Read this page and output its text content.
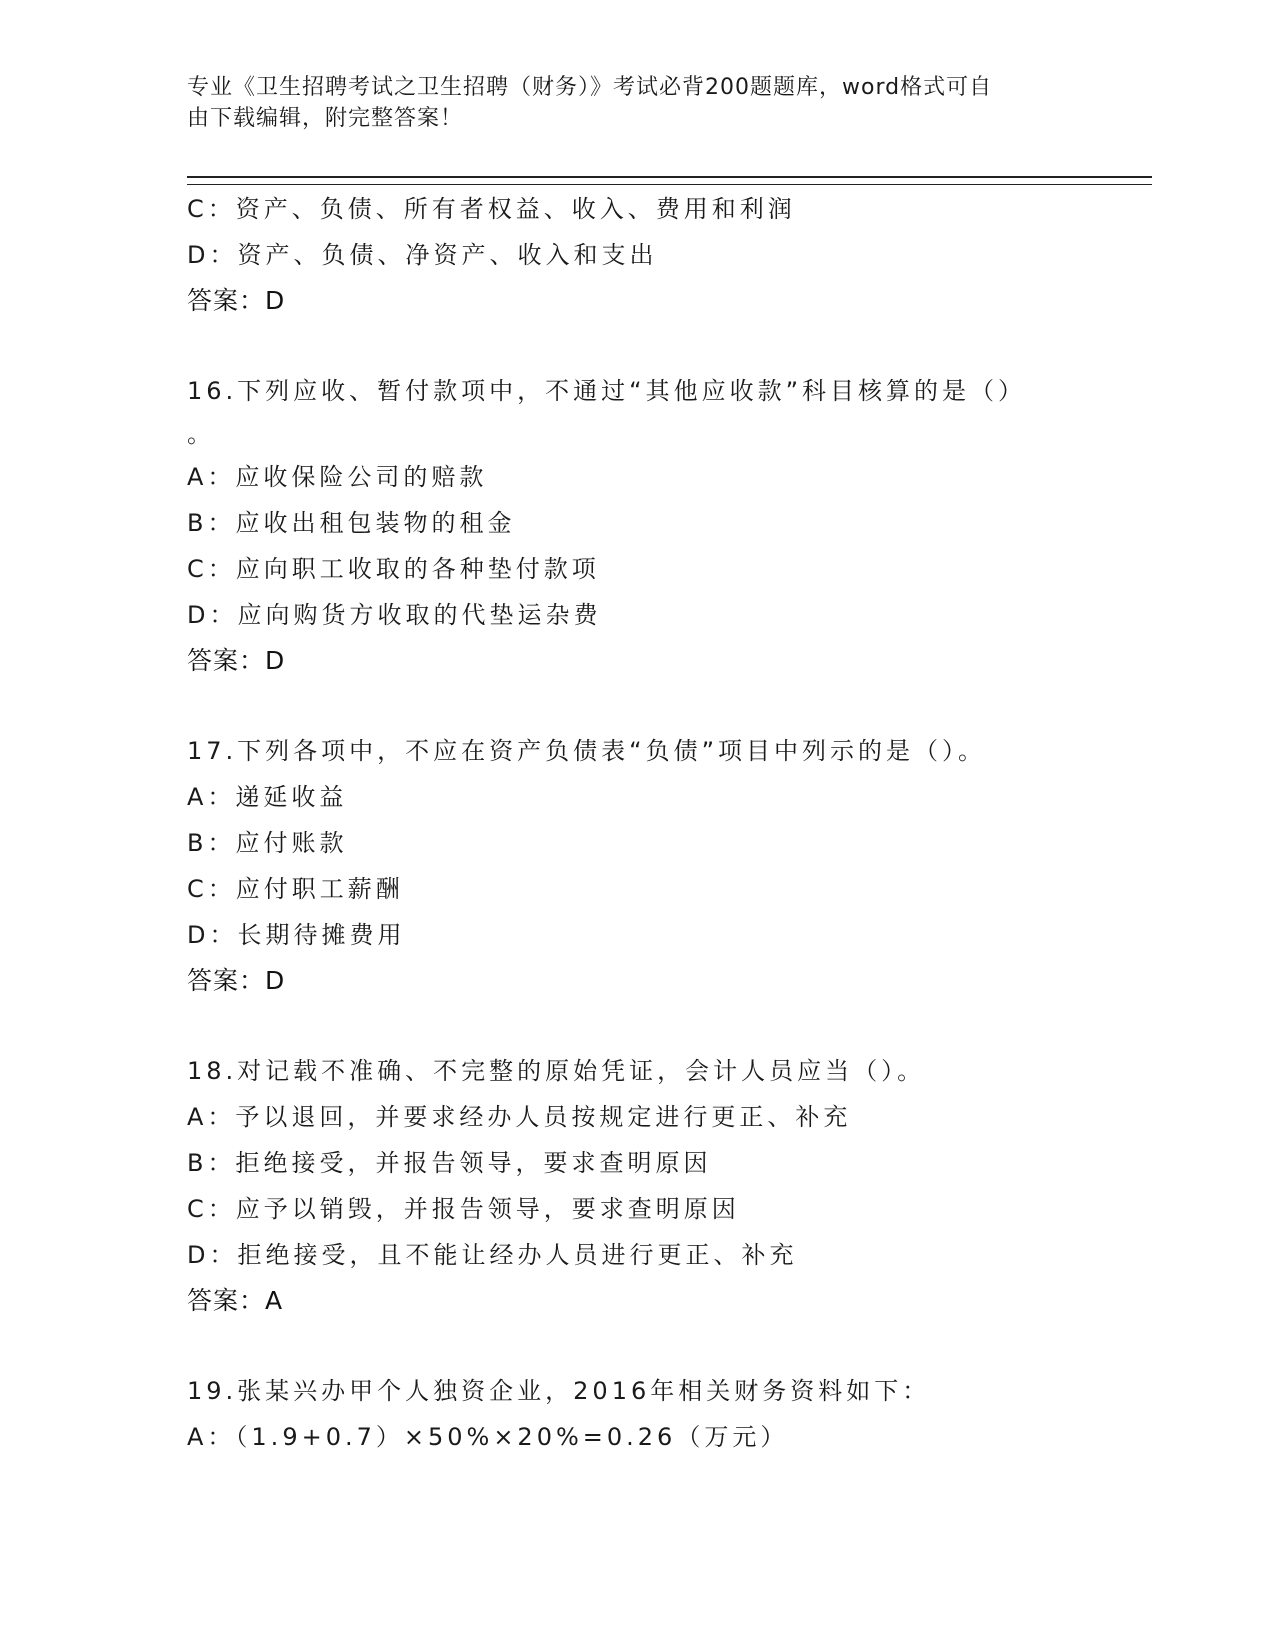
专业《卫生招聘考试之卫生招聘（财务）》考试必背200题题库，word格式可自
由下载编辑，附完整答案！
C：资产、负债、所有者权益、收入、费用和利润
D：资产、负债、净资产、收入和支出
答案：D
16.下列应收、暂付款项中，不通过“其他应收款”科目核算的是（）
。
A：应收保险公司的赔款
B：应收出租包装物的租金
C：应向职工收取的各种垫付款项
D：应向购货方收取的代垫运杂费
答案：D
17.下列各项中，不应在资产负债表“负债”项目中列示的是（）。
A：递延收益
B：应付账款
C：应付职工薪酬
D：长期待摊费用
答案：D
18.对记载不准确、不完整的原始凭证，会计人员应当（）。
A：予以退回，并要求经办人员按规定进行更正、补充
B：拒绝接受，并报告领导，要求查明原因
C：应予以销毁，并报告领导，要求查明原因
D：拒绝接受，且不能让经办人员进行更正、补充
答案：A
19.张某兴办甲个人独资企业，2016年相关财务资料如下：
A：（1.9+0.7）×50%×20%=0.26（万元）
